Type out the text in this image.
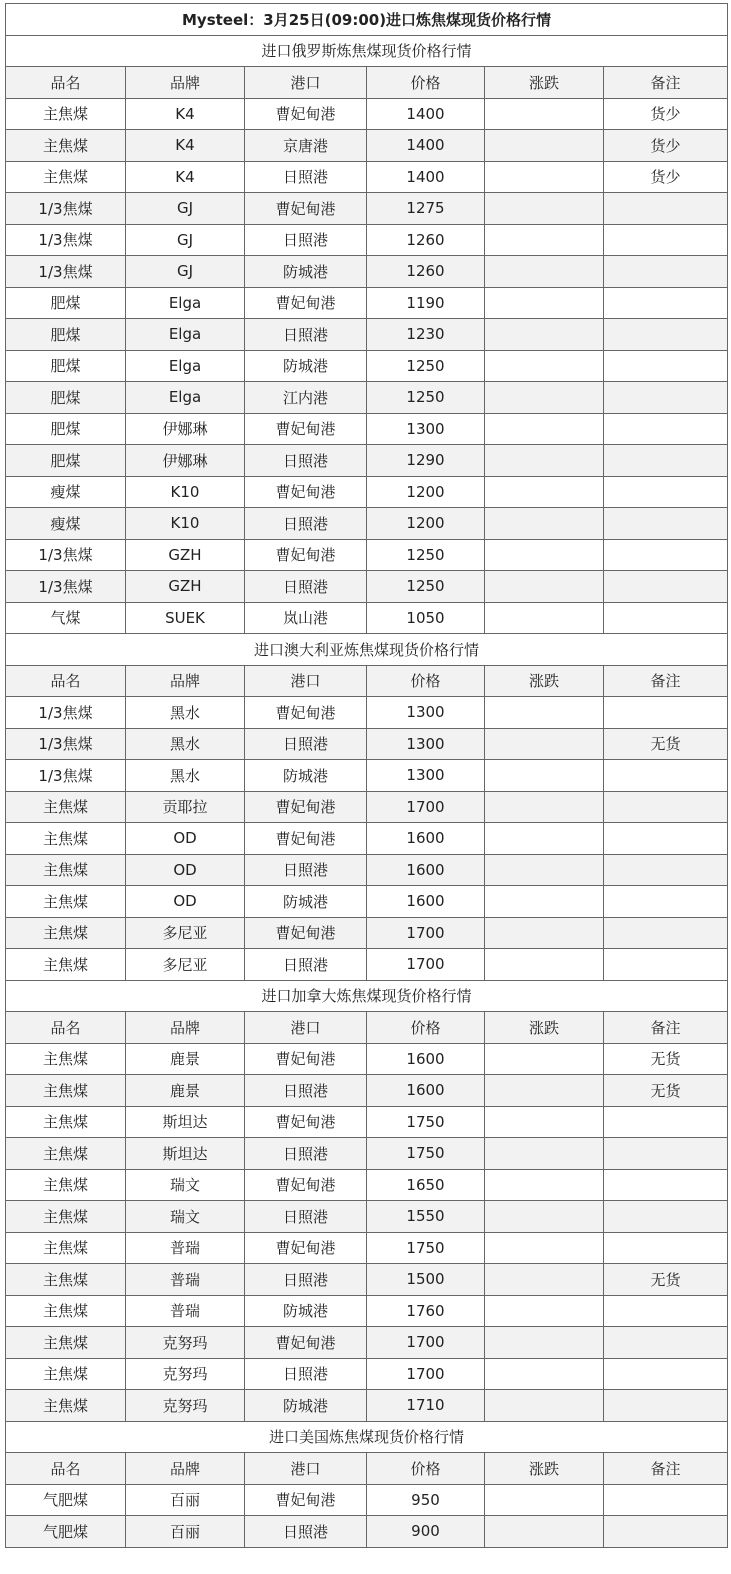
Mysteel：3月25日(09:00)进口炼焦煤现货价格行情					
进口俄罗斯炼焦煤现货价格行情					
品名	品牌	港口	价格	涨跌	备注
主焦煤	K4	曹妃甸港	1400		货少
主焦煤	K4	京唐港	1400		货少
主焦煤	K4	日照港	1400		货少
1/3焦煤	GJ	曹妃甸港	1275		
1/3焦煤	GJ	日照港	1260		
1/3焦煤	GJ	防城港	1260		
肥煤	Elga	曹妃甸港	1190		
肥煤	Elga	日照港	1230		
肥煤	Elga	防城港	1250		
肥煤	Elga	江内港	1250		
肥煤	伊娜琳	曹妃甸港	1300		
肥煤	伊娜琳	日照港	1290		
瘦煤	K10	曹妃甸港	1200		
瘦煤	K10	日照港	1200		
1/3焦煤	GZH	曹妃甸港	1250		
1/3焦煤	GZH	日照港	1250		
气煤	SUEK	岚山港	1050		
进口澳大利亚炼焦煤现货价格行情					
品名	品牌	港口	价格	涨跌	备注
1/3焦煤	黑水	曹妃甸港	1300		
1/3焦煤	黑水	日照港	1300		无货
1/3焦煤	黑水	防城港	1300		
主焦煤	贡耶拉	曹妃甸港	1700		
主焦煤	OD	曹妃甸港	1600		
主焦煤	OD	日照港	1600		
主焦煤	OD	防城港	1600		
主焦煤	多尼亚	曹妃甸港	1700		
主焦煤	多尼亚	日照港	1700		
进口加拿大炼焦煤现货价格行情					
品名	品牌	港口	价格	涨跌	备注
主焦煤	鹿景	曹妃甸港	1600		无货
主焦煤	鹿景	日照港	1600		无货
主焦煤	斯坦达	曹妃甸港	1750		
主焦煤	斯坦达	日照港	1750		
主焦煤	瑞文	曹妃甸港	1650		
主焦煤	瑞文	日照港	1550		
主焦煤	普瑞	曹妃甸港	1750		
主焦煤	普瑞	日照港	1500		无货
主焦煤	普瑞	防城港	1760		
主焦煤	克努玛	曹妃甸港	1700		
主焦煤	克努玛	日照港	1700		
主焦煤	克努玛	防城港	1710		
进口美国炼焦煤现货价格行情					
品名	品牌	港口	价格	涨跌	备注
气肥煤	百丽	曹妃甸港	950		
气肥煤	百丽	日照港	900		
